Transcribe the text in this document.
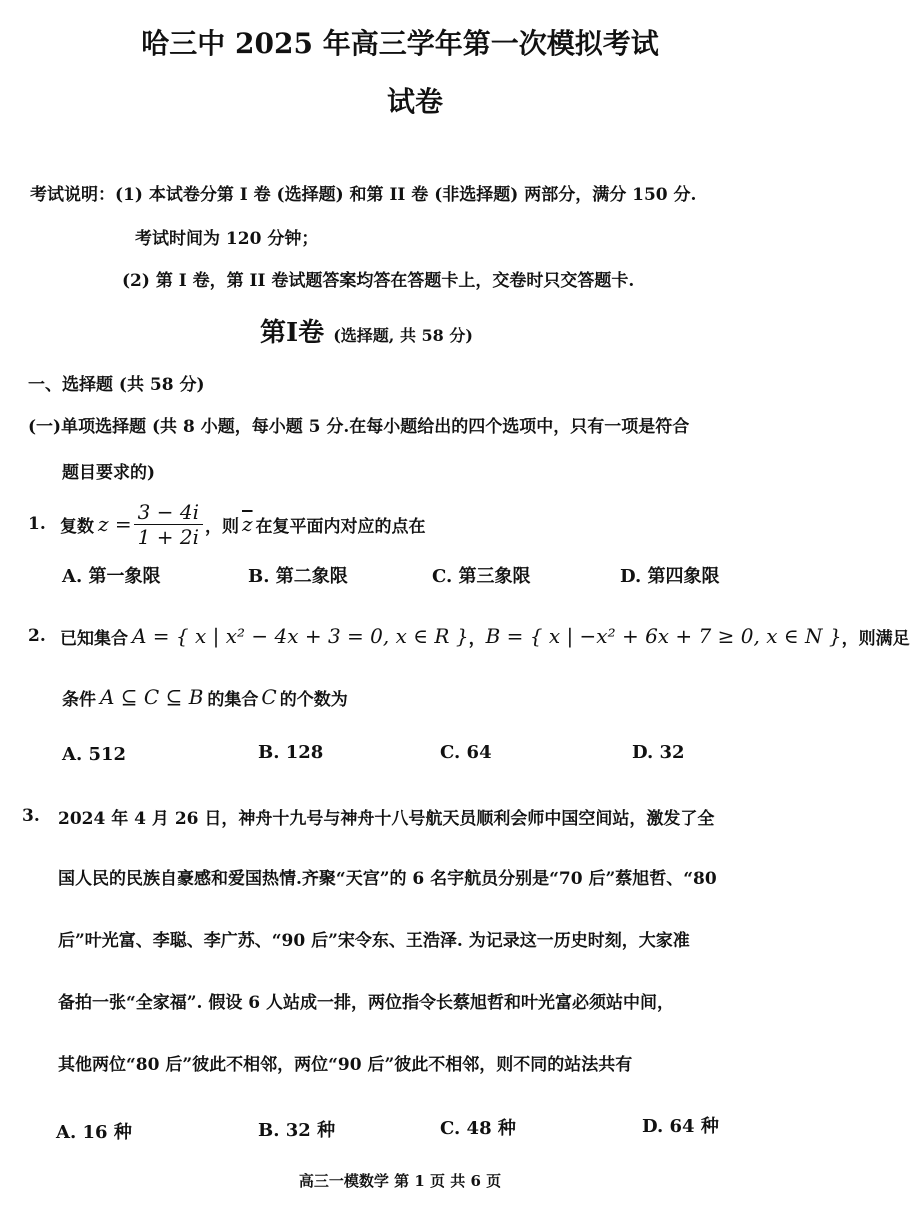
哈三中 2025 年高三学年第一次模拟考试
试卷
考试说明：(1) 本试卷分第 I 卷 (选择题) 和第 II 卷 (非选择题) 两部分，满分 150 分.
考试时间为 120 分钟；
(2) 第 I 卷，第 II 卷试题答案均答在答题卡上，交卷时只交答题卡.
第I卷 (选择题, 共 58 分)
一、选择题 (共 58 分)
(一)单项选择题 (共 8 小题，每小题 5 分.在每小题给出的四个选项中，只有一项是符合
题目要求的)
1. 复数 $z = \frac{3 - 4i}{1 + 2i}$ ，则 $\overline{z}$ 在复平面内对应的点在
A. 第一象限	B. 第二象限	C. 第三象限	D. 第四象限
2. 已知集合 A = { x | x² − 4x + 3 = 0, x ∈ R } ， B = { x | −x² + 6x + 7 ≥ 0, x ∈ N } ，则满足
条件 A ⊆ C ⊆ B 的集合 C 的个数为
A. 512	B. 128	C. 64	D. 32
3. 2024 年 4 月 26 日，神舟十九号与神舟十八号航天员顺利会师中国空间站，激发了全
国人民的民族自豪感和爱国热情.齐聚“天宫”的 6 名宇航员分别是“70 后”蔡旭哲、“80
后”叶光富、李聪、李广苏、“90 后”宋令东、王浩泽. 为记录这一历史时刻，大家准
备拍一张“全家福”. 假设 6 人站成一排，两位指令长蔡旭哲和叶光富必须站中间，
其他两位“80 后”彼此不相邻，两位“90 后”彼此不相邻，则不同的站法共有
A. 16 种	B. 32 种	C. 48 种	D. 64 种
高三一模数学 第 1 页 共 6 页
